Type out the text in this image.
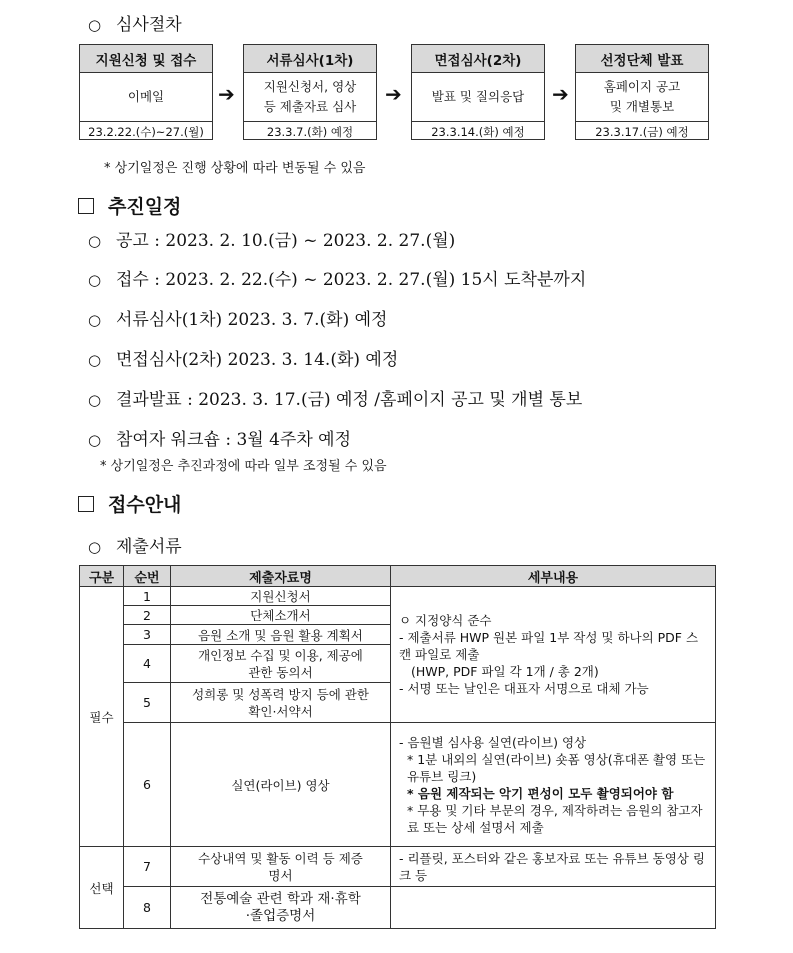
○ 심사절차
지원신청 및 접수
이메일
23.2.22.(수)~27.(월)
➔
서류심사(1차)
지원신청서, 영상
등 제출자료 심사
23.3.7.(화) 예정
➔
면접심사(2차)
발표 및 질의응답
23.3.14.(화) 예정
➔
선정단체 발표
홈페이지 공고
및 개별통보
23.3.17.(금) 예정
* 상기일정은 진행 상황에 따라 변동될 수 있음
추진일정
○ 공고 : 2023. 2. 10.(금) ~ 2023. 2. 27.(월)
○ 접수 : 2023. 2. 22.(수) ~ 2023. 2. 27.(월) 15시 도착분까지
○ 서류심사(1차) 2023. 3. 7.(화) 예정
○ 면접심사(2차) 2023. 3. 14.(화) 예정
○ 결과발표 : 2023. 3. 17.(금) 예정 /홈페이지 공고 및 개별 통보
○ 참여자 워크숍 : 3월 4주차 예정
* 상기일정은 추진과정에 따라 일부 조정될 수 있음
접수안내
○ 제출서류
구분	순번	제출자료명	세부내용
필수	1	지원신청서	ㅇ 지정양식 준수

- 제출서류 HWP 원본 파일 1부 작성 및 하나의 PDF 스캔 파일로 제출

(HWP, PDF 파일 각 1개 / 총 2개)

- 서명 또는 날인은 대표자 서명으로 대체 가능

	2	단체소개서	
	3	음원 소개 및 음원 활용 계획서	
	4	개인정보 수집 및 이용, 제공에 관한 동의서	
	5	성희롱 및 성폭력 방지 등에 관한 확인·서약서	
	6	실연(라이브) 영상	- 음원별 심사용 실연(라이브) 영상

* 1분 내외의 실연(라이브) 숏폼 영상(휴대폰 촬영 또는 유튜브 링크)

* 음원 제작되는 악기 편성이 모두 촬영되어야 함

* 무용 및 기타 부문의 경우, 제작하려는 음원의 참고자료 또는 상세 설명서 제출

선택	7	수상내역 및 활동 이력 등 제증명서	- 리플릿, 포스터와 같은 홍보자료 또는 유튜브 동영상 링크 등

	8	전통예술 관련 학과 재·휴학·졸업증명서	
